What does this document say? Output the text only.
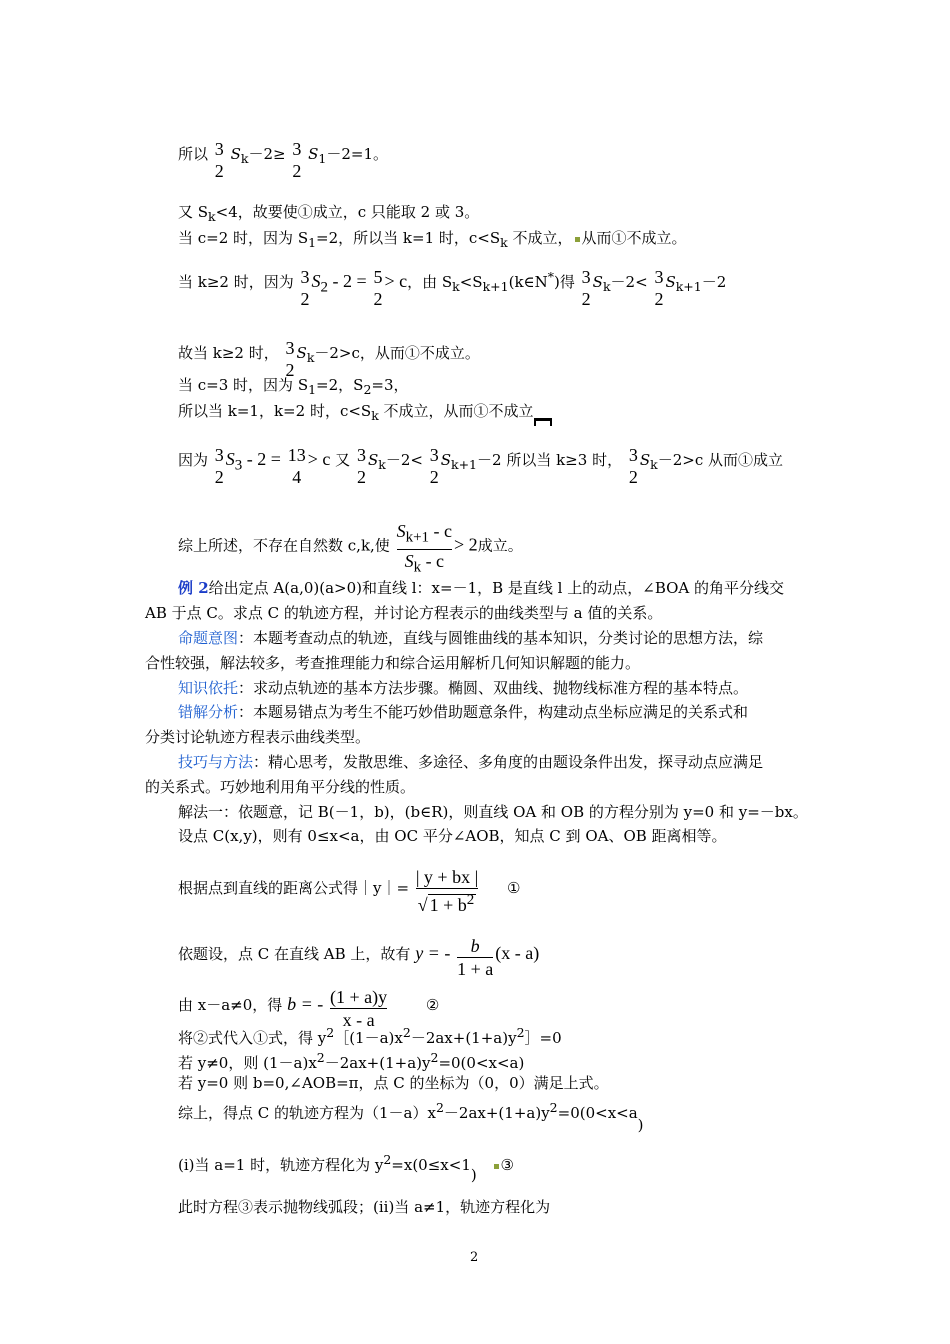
所以 3
2
$S_k-2\ge 3$
2
$S_1-2=1$。
又 $S_k<4$，故要使①成立，c 只能取 2 或 3。
当 c=2 时，因为 $S_1=2$，所以当 k=1 时，$c<S_k$ 不成立， 从而①不成立。
当 k≥2 时，因为 3
2
$S_2 - 2 = 5$
2
> c，由 $S_k<S_{k+1}(k\in N^*)$得 3
2
$S_k-2< 3$
2
$S_{k+1}-2$
故当 k≥2 时， 3
2
$S_k-2>c$，从而①不成立。
当 c=3 时，因为 $S_1=2$，$S_2=3$，
所以当 k=1，k=2 时，$c<S_k$ 不成立，从而①不成立
因为 3
2
$S_3 - 2 = 13$
4
> c 又 3
2
$S_k-2< 3$
2
$S_{k+1}-2$ 所以当 k≥3 时， 3
2
$S_k-2>c$ 从而①成立
综上所述，不存在自然数 c,k,使 $\frac{S_{k+1} - c}{S_k - c} > 2$成立。
例 2给出定点 A(a,0)(a>0)和直线 l：x=－1，B 是直线 l 上的动点，∠BOA 的角平分线交
AB 于点 C。求点 C 的轨迹方程，并讨论方程表示的曲线类型与 a 值的关系。
命题意图：本题考查动点的轨迹，直线与圆锥曲线的基本知识，分类讨论的思想方法，综
合性较强，解法较多，考查推理能力和综合运用解析几何知识解题的能力。
知识依托：求动点轨迹的基本方法步骤。椭圆、双曲线、抛物线标准方程的基本特点。
错解分析：本题易错点为考生不能巧妙借助题意条件，构建动点坐标应满足的关系式和
分类讨论轨迹方程表示曲线类型。
技巧与方法：精心思考，发散思维、多途径、多角度的由题设条件出发，探寻动点应满足
的关系式。巧妙地利用角平分线的性质。
解法一：依题意，记 B(－1，b)，(b∈R)，则直线 OA 和 OB 的方程分别为 y=0 和 y=－bx。
设点 C(x,y)，则有 0≤x<a，由 OC 平分∠AOB，知点 C 到 OA、OB 距离相等。
根据点到直线的距离公式得｜y｜= $\frac{| y + bx |}{√ 1 + b^2}$ ①
依题设，点 C 在直线 AB 上，故有 y = - $\frac{b}{1 + a} (x - a)$
由 x－a≠0，得 b = - $\frac{(1 + a)y}{x - a}$	②
将②式代入①式，得 $y^2[(1-a)x^2-2ax+(1+a)y^2]=0$
若 y≠0，则 $(1-a)x^2-2ax+(1+a)y^2=0(0<x<a)$
若 y=0 则 b=0,∠AOB=π，点 C 的坐标为（0，0）满足上式。
综上，得点 C 的轨迹方程为$(1-a)x^2-2ax+(1+a)y^2=0(0<x<a)$
(i)当 a=1 时，轨迹方程化为 $y^2=x(0\le x<1)$ ③
此时方程③表示抛物线弧段；(ii)当 a≠1，轨迹方程化为
2
